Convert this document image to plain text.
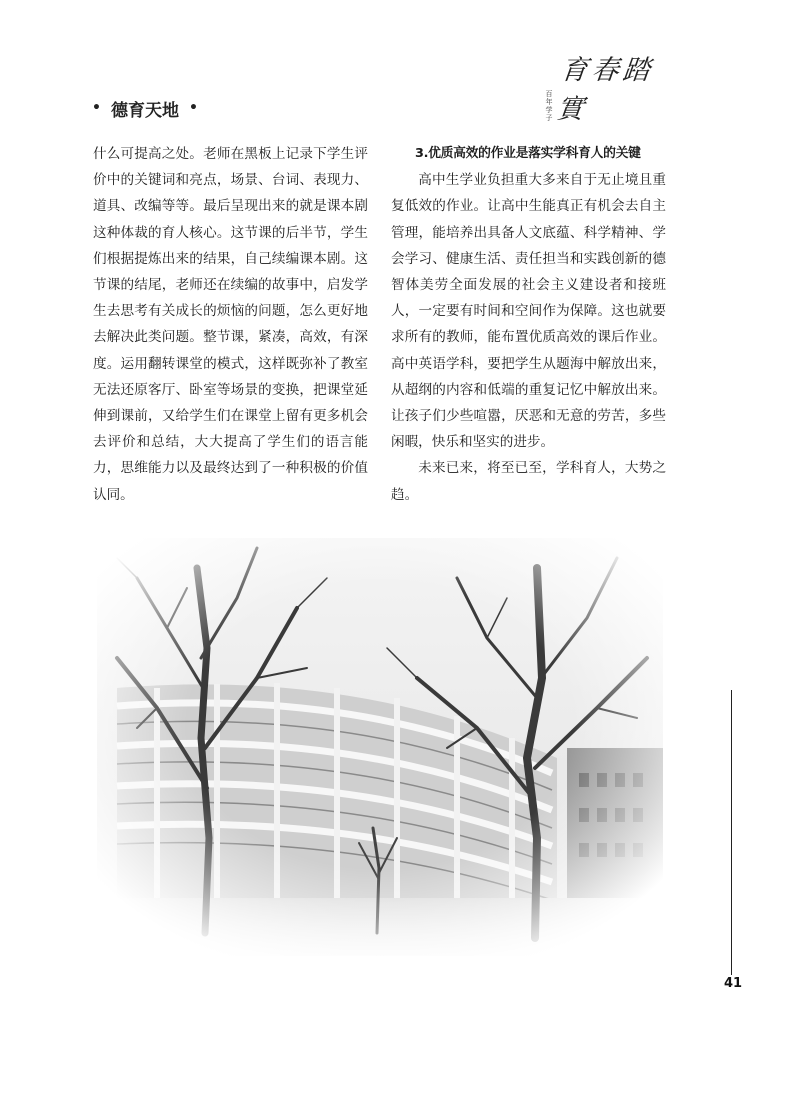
• 德育天地 •	百年学子
育春踏實

什么可提高之处。老师在黑板上记录下学生评价中的关键词和亮点，场景、台词、表现力、道具、改编等等。最后呈现出来的就是课本剧这种体裁的育人核心。这节课的后半节，学生们根据提炼出来的结果，自己续编课本剧。这节课的结尾，老师还在续编的故事中，启发学生去思考有关成长的烦恼的问题，怎么更好地去解决此类问题。整节课，紧凑，高效，有深度。运用翻转课堂的模式，这样既弥补了教室无法还原客厅、卧室等场景的变换，把课堂延伸到课前，又给学生们在课堂上留有更多机会去评价和总结，大大提高了学生们的语言能力，思维能力以及最终达到了一种积极的价值认同。

3.优质高效的作业是落实学科育人的关键

高中生学业负担重大多来自于无止境且重复低效的作业。让高中生能真正有机会去自主管理，能培养出具备人文底蕴、科学精神、学会学习、健康生活、责任担当和实践创新的德智体美劳全面发展的社会主义建设者和接班人，一定要有时间和空间作为保障。这也就要求所有的教师，能布置优质高效的课后作业。高中英语学科，要把学生从题海中解放出来，从超纲的内容和低端的重复记忆中解放出来。让孩子们少些喧嚣，厌恶和无意的劳苦，多些闲暇，快乐和坚实的进步。

未来已来，将至已至，学科育人，大势之趋。

41
